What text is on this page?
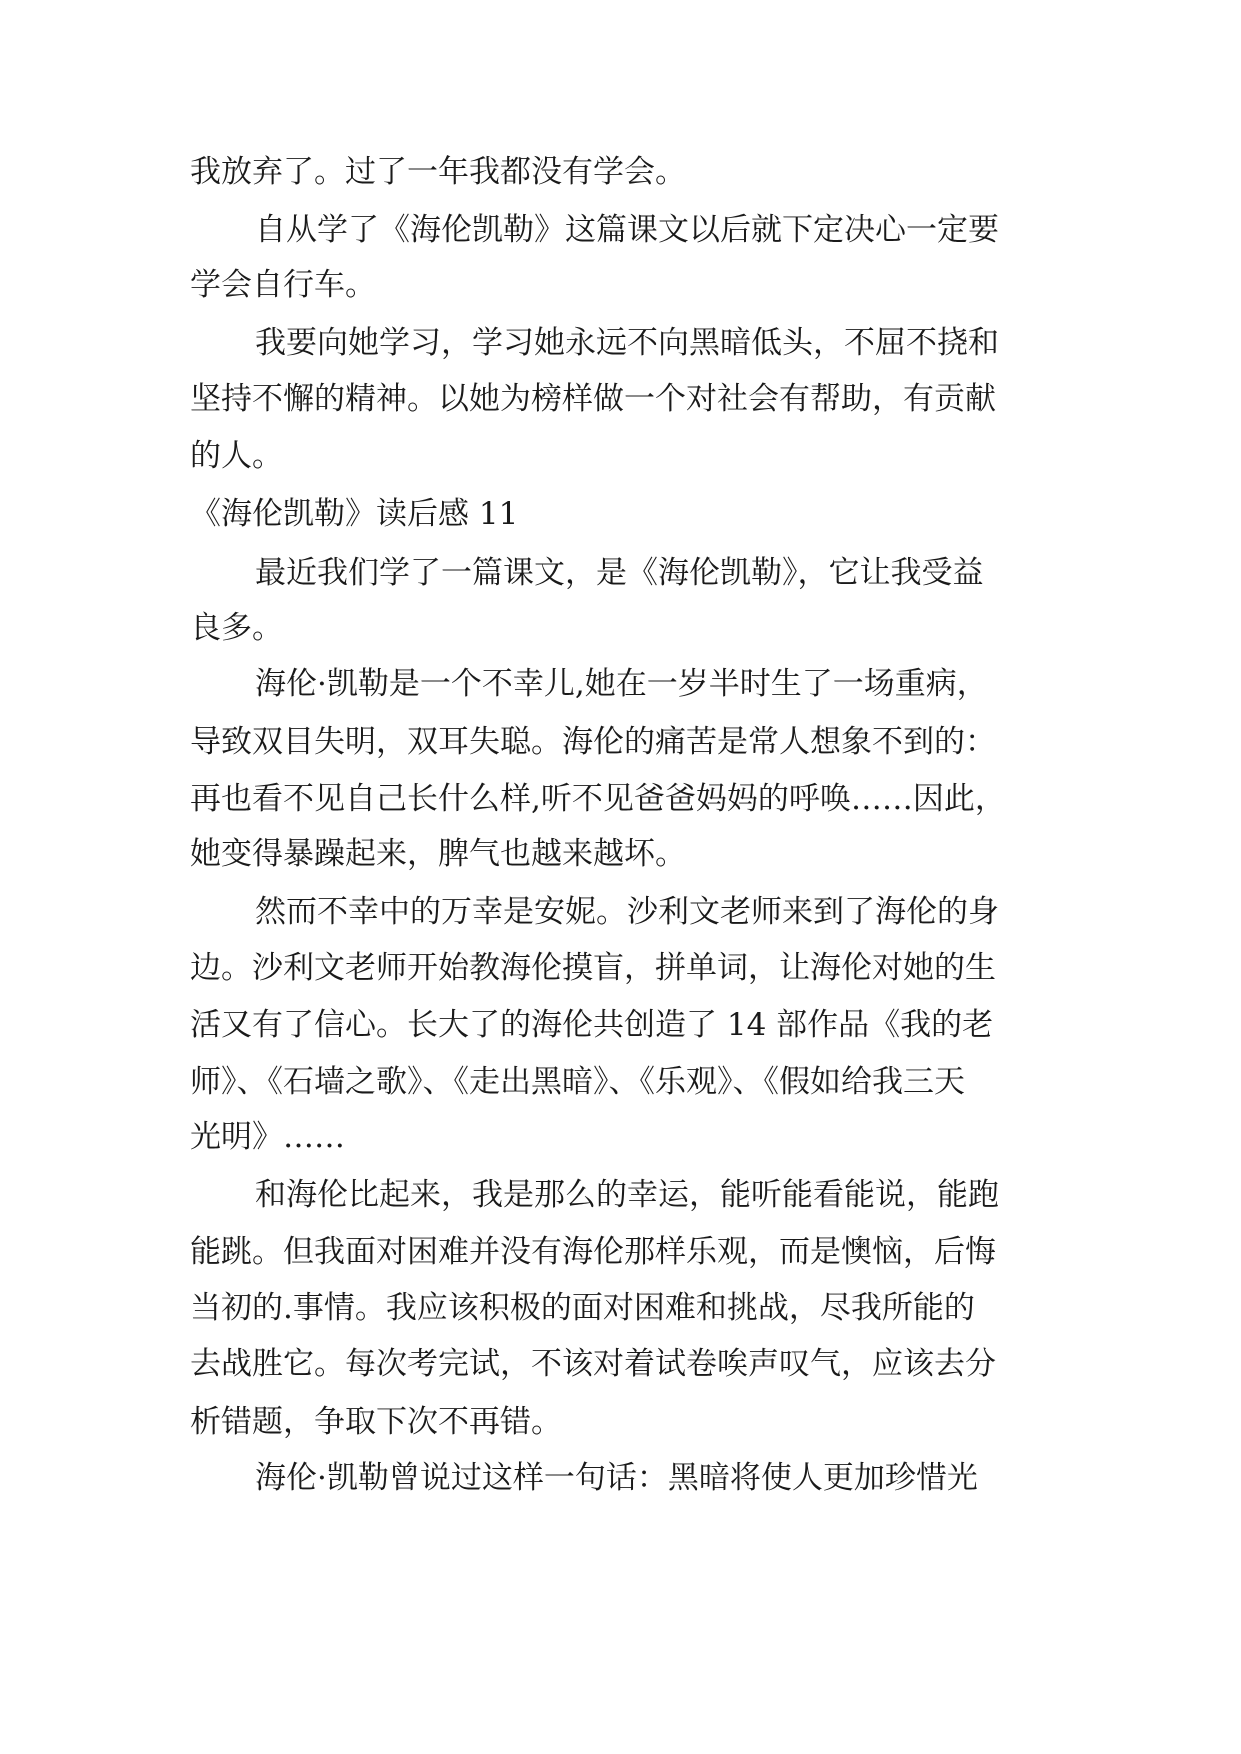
我放弃了。过了一年我都没有学会。
自从学了《海伦凯勒》这篇课文以后就下定决心一定要
学会自行车。
我要向她学习，学习她永远不向黑暗低头，不屈不挠和
坚持不懈的精神。以她为榜样做一个对社会有帮助，有贡献
的人。
《海伦凯勒》读后感 11
最近我们学了一篇课文，是《海伦凯勒》，它让我受益
良多。
海伦·凯勒是一个不幸儿,她在一岁半时生了一场重病，
导致双目失明，双耳失聪。海伦的痛苦是常人想象不到的：
再也看不见自己长什么样,听不见爸爸妈妈的呼唤……因此，
她变得暴躁起来，脾气也越来越坏。
然而不幸中的万幸是安妮。沙利文老师来到了海伦的身
边。沙利文老师开始教海伦摸盲，拼单词，让海伦对她的生
活又有了信心。长大了的海伦共创造了 14 部作品《我的老
师》、《石墙之歌》、《走出黑暗》、《乐观》、《假如给我三天
光明》……
和海伦比起来，我是那么的幸运，能听能看能说，能跑
能跳。但我面对困难并没有海伦那样乐观，而是懊恼，后悔
当初的.事情。我应该积极的面对困难和挑战，尽我所能的
去战胜它。每次考完试，不该对着试卷唉声叹气，应该去分
析错题，争取下次不再错。
海伦·凯勒曾说过这样一句话：黑暗将使人更加珍惜光
